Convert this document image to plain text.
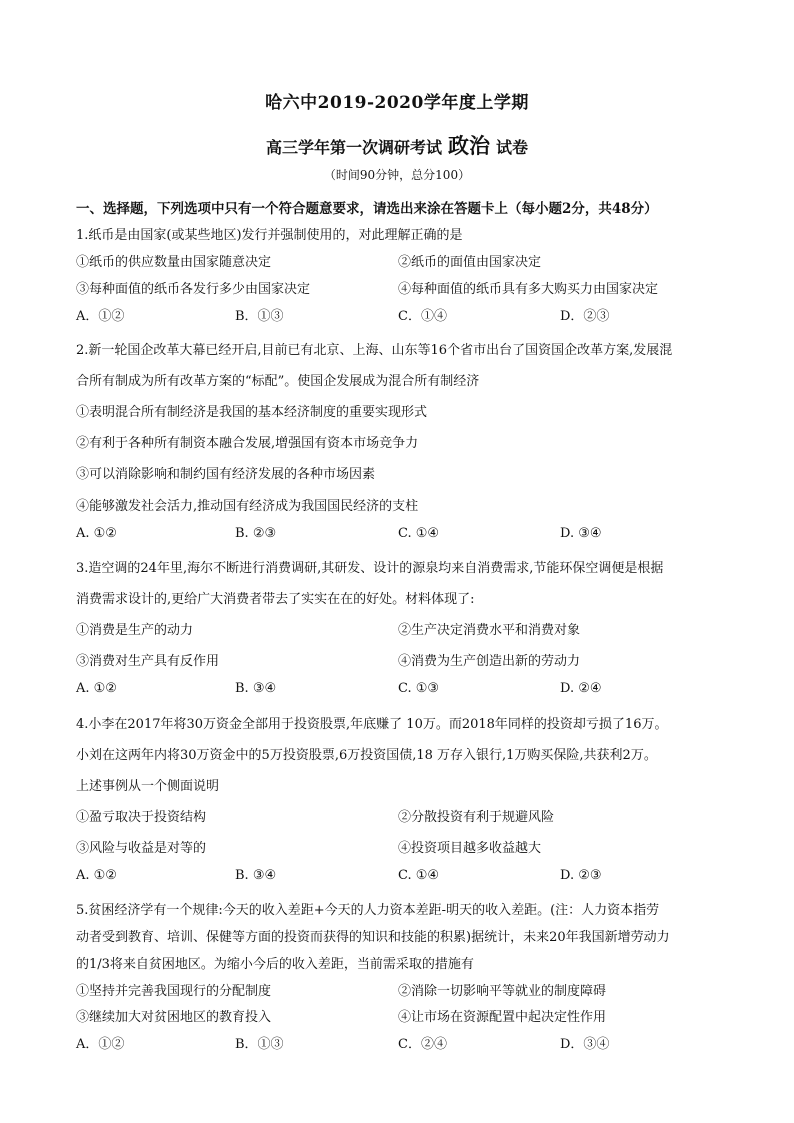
哈六中2019-2020学年度上学期
高三学年第一次调研考试 政治 试卷
（时间90分钟，总分100）
一、选择题，下列选项中只有一个符合题意要求，请选出来涂在答题卡上（每小题2分，共48分）
1.纸币是由国家(或某些地区)发行并强制使用的，对此理解正确的是
①纸币的供应数量由国家随意决定	②纸币的面值由国家决定
③每种面值的纸币各发行多少由国家决定	④每种面值的纸币具有多大购买力由国家决定
A．①②	B．①③	C．①④	D．②③
2.新一轮国企改革大幕已经开启,目前已有北京、上海、山东等16个省市出台了国资国企改革方案,发展混
合所有制成为所有改革方案的“标配”。使国企发展成为混合所有制经济
①表明混合所有制经济是我国的基本经济制度的重要实现形式
②有利于各种所有制资本融合发展,增强国有资本市场竞争力
③可以消除影响和制约国有经济发展的各种市场因素
④能够激发社会活力,推动国有经济成为我国国民经济的支柱
A. ①②	B. ②③	C. ①④	D. ③④
3.造空调的24年里,海尔不断进行消费调研,其研发、设计的源泉均来自消费需求,节能环保空调便是根据
消费需求设计的,更给广大消费者带去了实实在在的好处。材料体现了:
①消费是生产的动力	②生产决定消费水平和消费对象
③消费对生产具有反作用	④消费为生产创造出新的劳动力
A. ①②	B. ③④	C. ①③	D. ②④
4.小李在2017年将30万资金全部用于投资股票,年底赚了 10万。而2018年同样的投资却亏损了16万。
小刘在这两年内将30万资金中的5万投资股票,6万投资国债,18 万存入银行,1万购买保险,共获利2万。
上述事例从一个侧面说明
①盈亏取决于投资结构	②分散投资有利于规避风险
③风险与收益是对等的	④投资项目越多收益越大
A. ①②	B. ③④	C. ①④	D. ②③
5.贫困经济学有一个规律:今天的收入差距+今天的人力资本差距-明天的收入差距。(注：人力资本指劳
动者受到教育、培训、保健等方面的投资而获得的知识和技能的积累)据统计，未来20年我国新增劳动力
的1/3将来自贫困地区。为缩小今后的收入差距，当前需采取的措施有
①坚持并完善我国现行的分配制度	②消除一切影响平等就业的制度障碍
③继续加大对贫困地区的教育投入	④让市场在资源配置中起决定性作用
A．①②	B．①③	C．②④	D．③④
